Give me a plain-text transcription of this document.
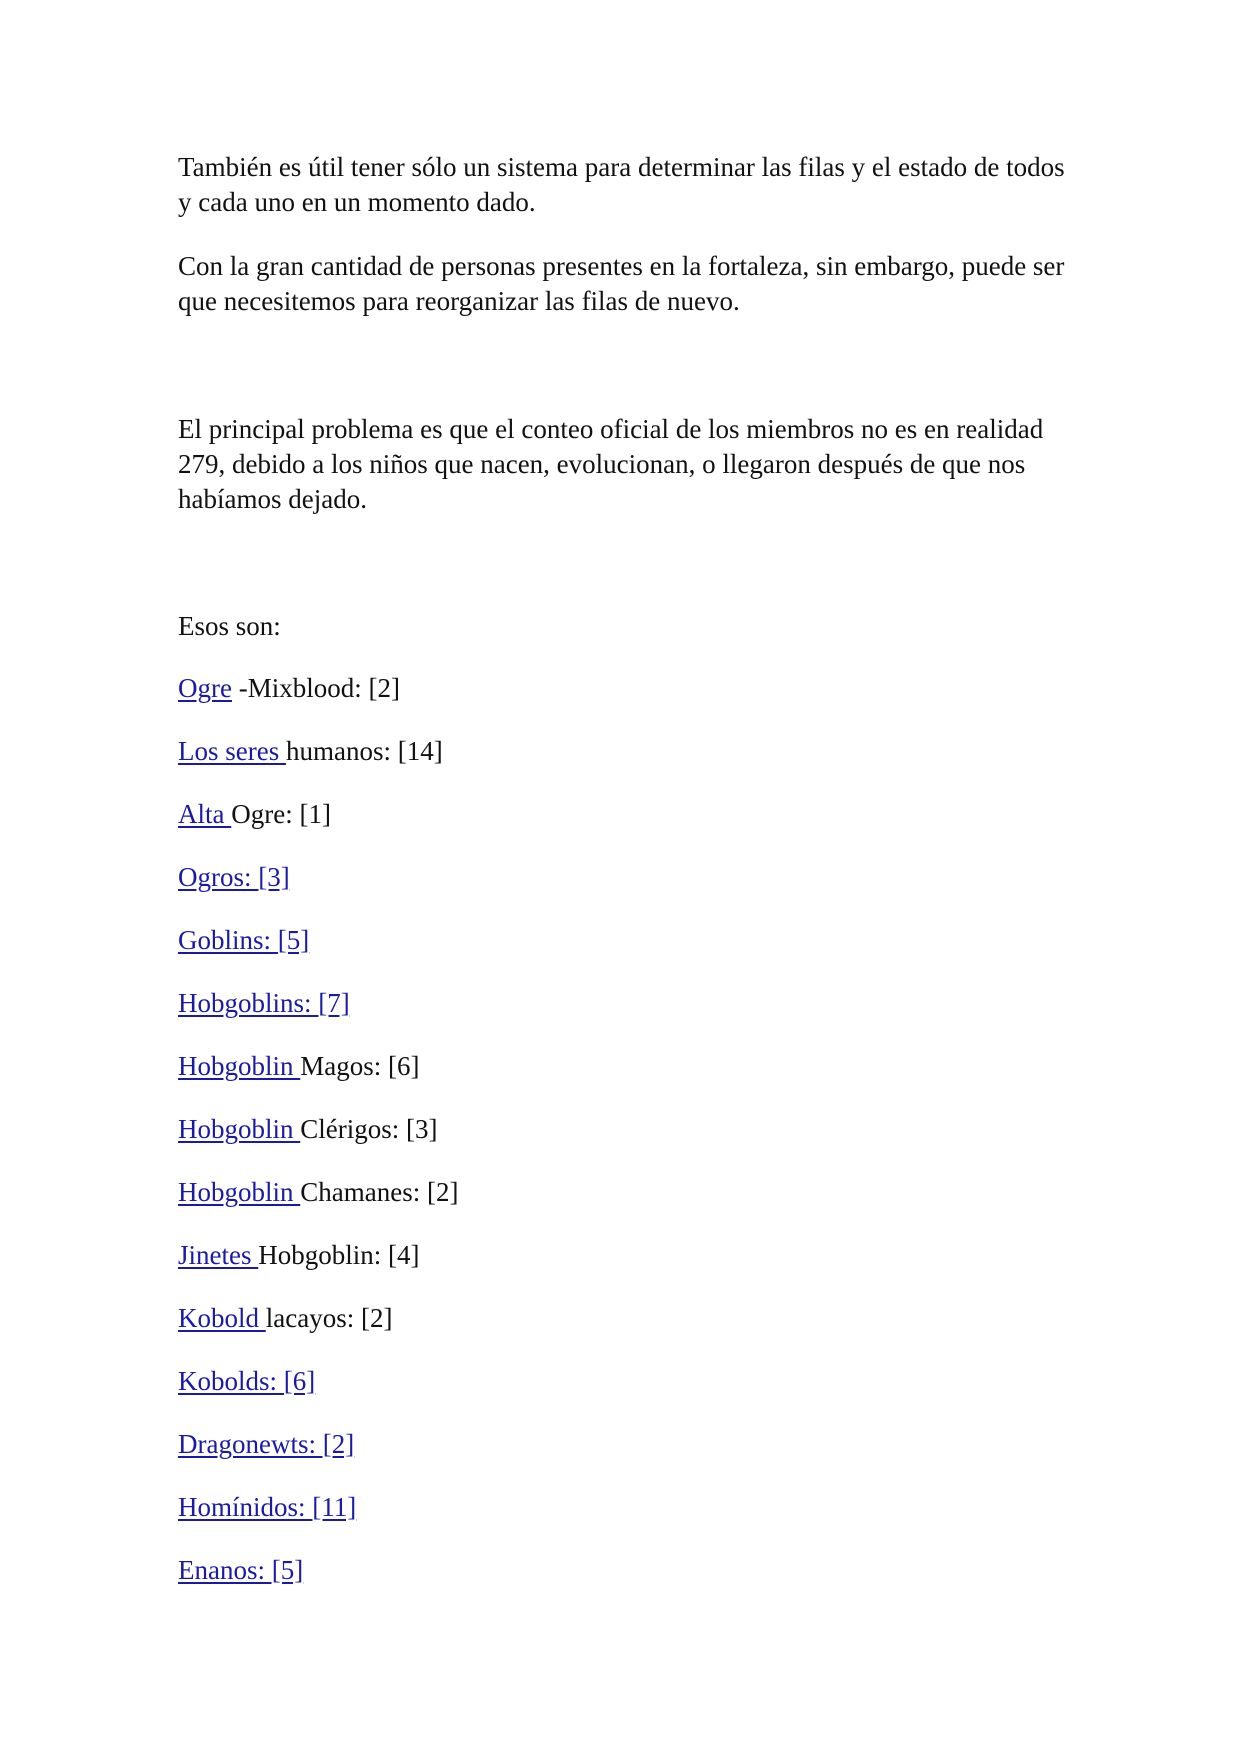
También es útil tener sólo un sistema para determinar las filas y el estado de todos y cada uno en un momento dado.

Con la gran cantidad de personas presentes en la fortaleza, sin embargo, puede ser que necesitemos para reorganizar las filas de nuevo.

El principal problema es que el conteo oficial de los miembros no es en realidad 279, debido a los niños que nacen, evolucionan, o llegaron después de que nos habíamos dejado.

Esos son:

Ogre -Mixblood: [2]
Los seres humanos: [14]
Alta Ogre: [1]
Ogros: [3]
Goblins: [5]
Hobgoblins: [7]
Hobgoblin Magos: [6]
Hobgoblin Clérigos: [3]
Hobgoblin Chamanes: [2]
Jinetes Hobgoblin: [4]
Kobold lacayos: [2]
Kobolds: [6]
Dragonewts: [2]
Homínidos: [11]
Enanos: [5]
